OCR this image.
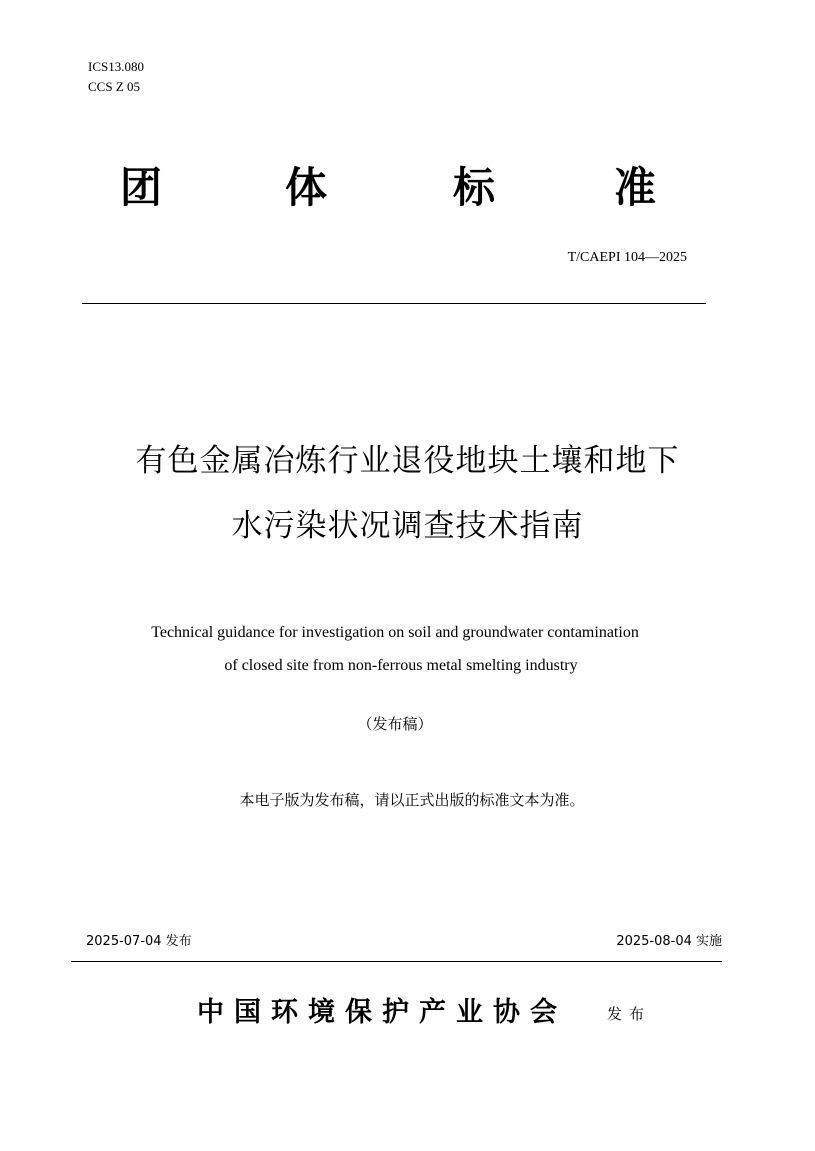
ICS13.080
CCS Z 05
团	体	标	准
T/CAEPI 104—2025
有色金属冶炼行业退役地块土壤和地下
水污染状况调查技术指南
Technical guidance for investigation on soil and groundwater contamination
of closed site from non-ferrous metal smelting industry
（发布稿）
本电子版为发布稿，请以正式出版的标准文本为准。
2025-07-04 发布	2025-08-04 实施
中国环境保护产业协会	发布
